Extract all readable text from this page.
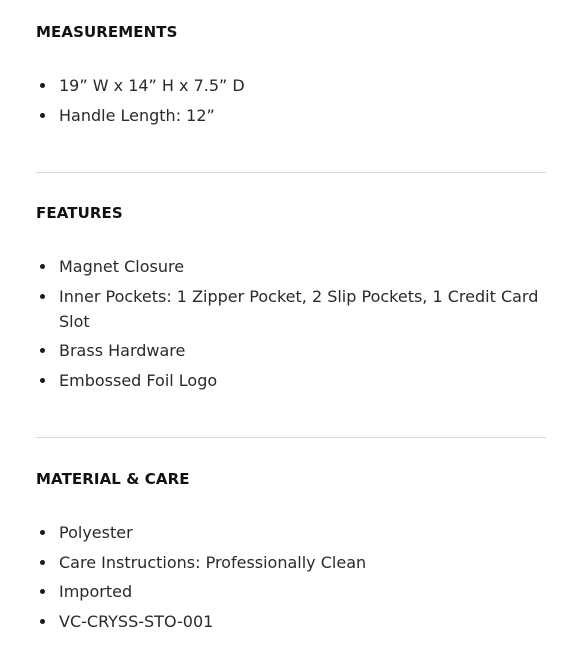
MEASUREMENTS
19” W x 14” H x 7.5” D
Handle Length: 12”
FEATURES
Magnet Closure
Inner Pockets: 1 Zipper Pocket, 2 Slip Pockets, 1 Credit Card Slot
Brass Hardware
Embossed Foil Logo
MATERIAL & CARE
Polyester
Care Instructions: Professionally Clean
Imported
VC-CRYSS-STO-001
